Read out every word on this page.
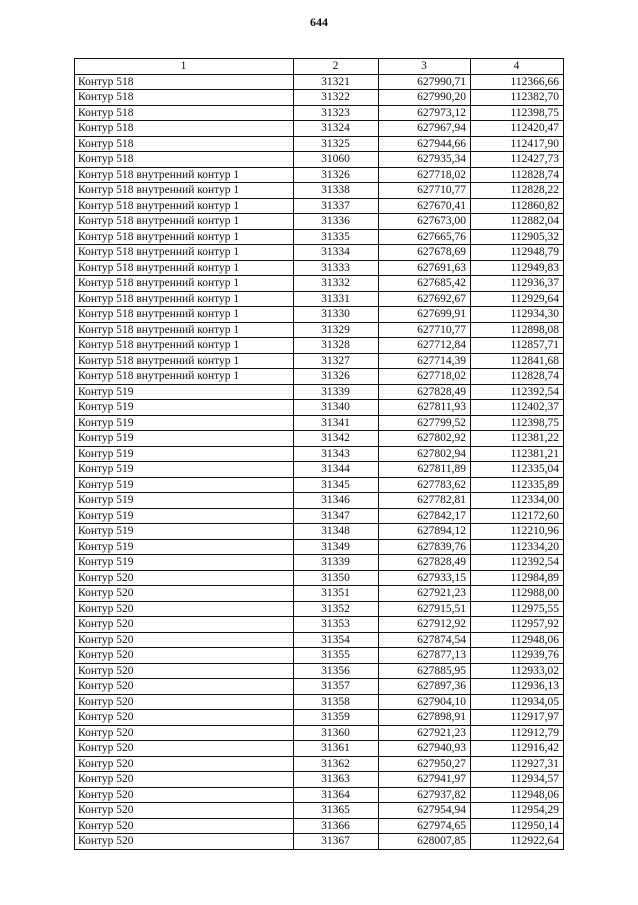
644
1	2	3	4
Контур 518	31321	627990,71	112366,66
Контур 518	31322	627990,20	112382,70
Контур 518	31323	627973,12	112398,75
Контур 518	31324	627967,94	112420,47
Контур 518	31325	627944,66	112417,90
Контур 518	31060	627935,34	112427,73
Контур 518 внутренний контур 1	31326	627718,02	112828,74
Контур 518 внутренний контур 1	31338	627710,77	112828,22
Контур 518 внутренний контур 1	31337	627670,41	112860,82
Контур 518 внутренний контур 1	31336	627673,00	112882,04
Контур 518 внутренний контур 1	31335	627665,76	112905,32
Контур 518 внутренний контур 1	31334	627678,69	112948,79
Контур 518 внутренний контур 1	31333	627691,63	112949,83
Контур 518 внутренний контур 1	31332	627685,42	112936,37
Контур 518 внутренний контур 1	31331	627692,67	112929,64
Контур 518 внутренний контур 1	31330	627699,91	112934,30
Контур 518 внутренний контур 1	31329	627710,77	112898,08
Контур 518 внутренний контур 1	31328	627712,84	112857,71
Контур 518 внутренний контур 1	31327	627714,39	112841,68
Контур 518 внутренний контур 1	31326	627718,02	112828,74
Контур 519	31339	627828,49	112392,54
Контур 519	31340	627811,93	112402,37
Контур 519	31341	627799,52	112398,75
Контур 519	31342	627802,92	112381,22
Контур 519	31343	627802,94	112381,21
Контур 519	31344	627811,89	112335,04
Контур 519	31345	627783,62	112335,89
Контур 519	31346	627782,81	112334,00
Контур 519	31347	627842,17	112172,60
Контур 519	31348	627894,12	112210,96
Контур 519	31349	627839,76	112334,20
Контур 519	31339	627828,49	112392,54
Контур 520	31350	627933,15	112984,89
Контур 520	31351	627921,23	112988,00
Контур 520	31352	627915,51	112975,55
Контур 520	31353	627912,92	112957,92
Контур 520	31354	627874,54	112948,06
Контур 520	31355	627877,13	112939,76
Контур 520	31356	627885,95	112933,02
Контур 520	31357	627897,36	112936,13
Контур 520	31358	627904,10	112934,05
Контур 520	31359	627898,91	112917,97
Контур 520	31360	627921,23	112912,79
Контур 520	31361	627940,93	112916,42
Контур 520	31362	627950,27	112927,31
Контур 520	31363	627941,97	112934,57
Контур 520	31364	627937,82	112948,06
Контур 520	31365	627954,94	112954,29
Контур 520	31366	627974,65	112950,14
Контур 520	31367	628007,85	112922,64
